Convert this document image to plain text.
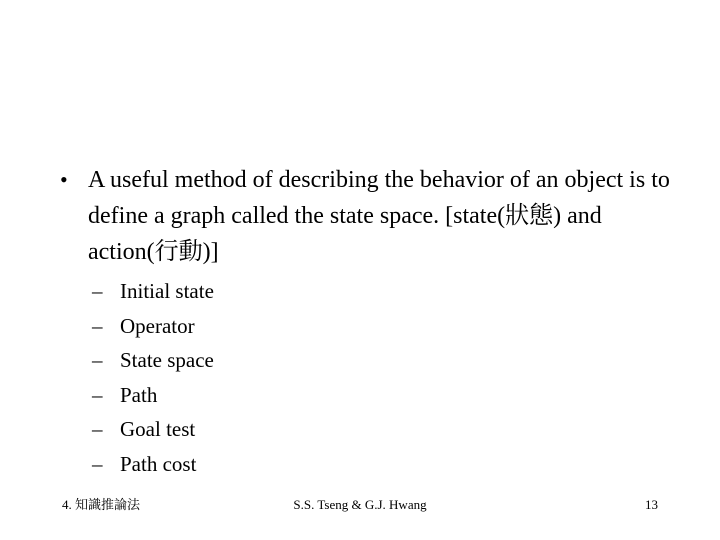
• A useful method of describing the behavior of an object is to define a graph called the state space. [state(狀態) and action(行動)]
– Initial state
– Operator
– State space
– Path
– Goal test
– Path cost
4. 知識推論法	S.S. Tseng & G.J. Hwang	13
